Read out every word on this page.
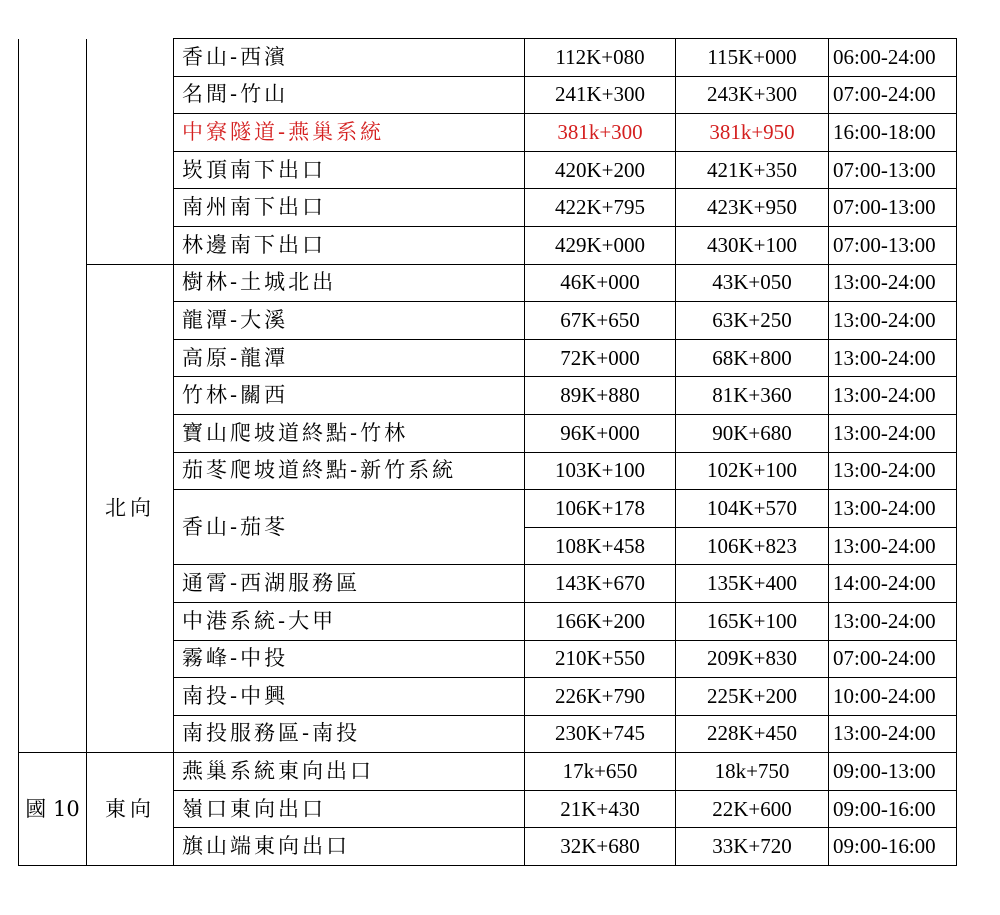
		香山-西濱	112K+080	115K+000	06:00-24:00
		名間-竹山	241K+300	243K+300	07:00-24:00
		中寮隧道-燕巢系統	381k+300	381k+950	16:00-18:00
		崁頂南下出口	420K+200	421K+350	07:00-13:00
		南州南下出口	422K+795	423K+950	07:00-13:00
		林邊南下出口	429K+000	430K+100	07:00-13:00
	北向	樹林-土城北出	46K+000	43K+050	13:00-24:00
		龍潭-大溪	67K+650	63K+250	13:00-24:00
		高原-龍潭	72K+000	68K+800	13:00-24:00
		竹林-關西	89K+880	81K+360	13:00-24:00
		寶山爬坡道終點-竹林	96K+000	90K+680	13:00-24:00
		茄苳爬坡道終點-新竹系統	103K+100	102K+100	13:00-24:00
		香山-茄苳	106K+178	104K+570	13:00-24:00
			108K+458	106K+823	13:00-24:00
		通霄-西湖服務區	143K+670	135K+400	14:00-24:00
		中港系統-大甲	166K+200	165K+100	13:00-24:00
		霧峰-中投	210K+550	209K+830	07:00-24:00
		南投-中興	226K+790	225K+200	10:00-24:00
		南投服務區-南投	230K+745	228K+450	13:00-24:00
國 10	東向	燕巢系統東向出口	17k+650	18k+750	09:00-13:00
		嶺口東向出口	21K+430	22K+600	09:00-16:00
		旗山端東向出口	32K+680	33K+720	09:00-16:00
